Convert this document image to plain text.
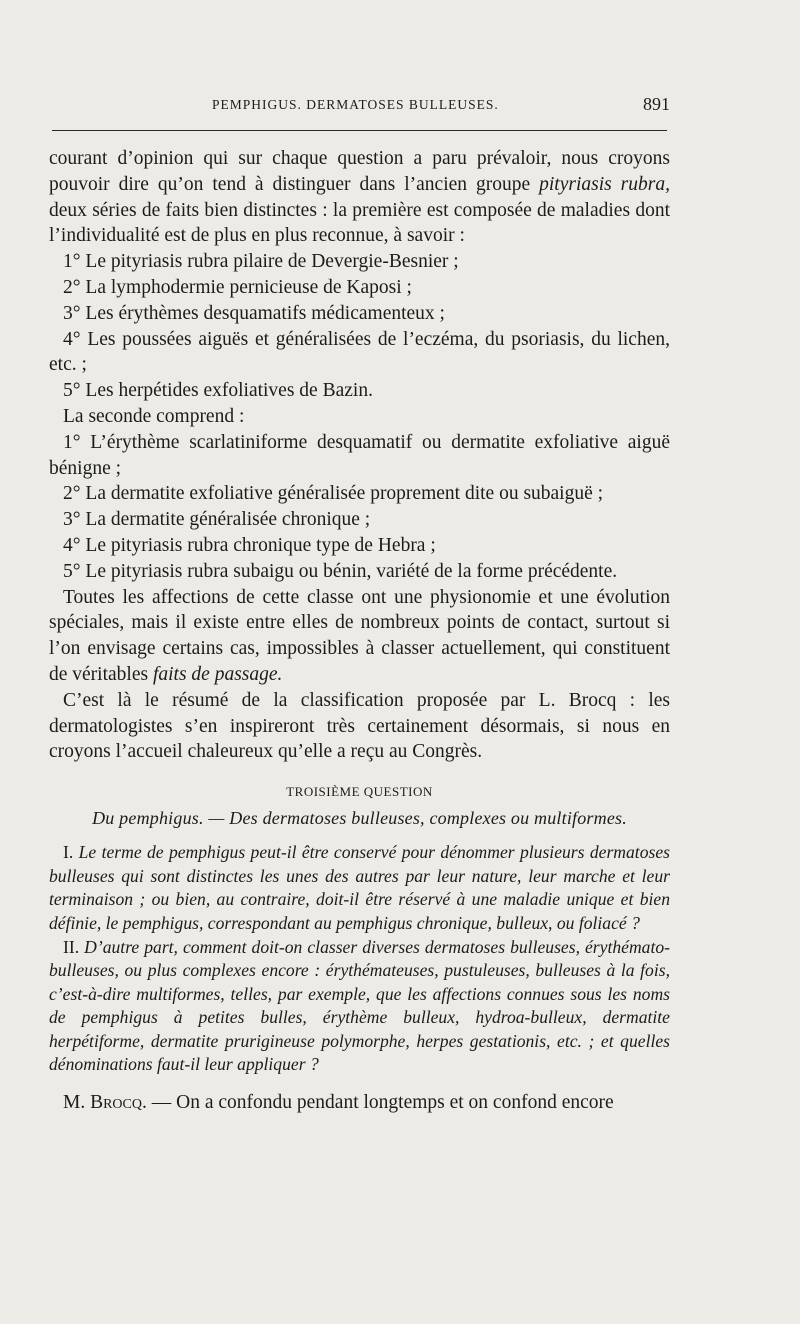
PEMPHIGUS. DERMATOSES BULLEUSES.	891

courant d’opinion qui sur chaque question a paru prévaloir, nous croyons pouvoir dire qu’on tend à distinguer dans l’ancien groupe pityriasis rubra, deux séries de faits bien distinctes : la première est composée de maladies dont l’individualité est de plus en plus reconnue, à savoir :

1° Le pityriasis rubra pilaire de Devergie-Besnier ;

2° La lymphodermie pernicieuse de Kaposi ;

3° Les érythèmes desquamatifs médicamenteux ;

4° Les poussées aiguës et généralisées de l’eczéma, du psoriasis, du lichen, etc. ;

5° Les herpétides exfoliatives de Bazin.

La seconde comprend :

1° L’érythème scarlatiniforme desquamatif ou dermatite exfoliative aiguë bénigne ;

2° La dermatite exfoliative généralisée proprement dite ou subaiguë ;

3° La dermatite généralisée chronique ;

4° Le pityriasis rubra chronique type de Hebra ;

5° Le pityriasis rubra subaigu ou bénin, variété de la forme précédente.

Toutes les affections de cette classe ont une physionomie et une évolution spéciales, mais il existe entre elles de nombreux points de contact, surtout si l’on envisage certains cas, impossibles à classer actuellement, qui constituent de véritables faits de passage.

C’est là le résumé de la classification proposée par L. Brocq : les dermatologistes s’en inspireront très certainement désormais, si nous en croyons l’accueil chaleureux qu’elle a reçu au Congrès.

TROISIÈME QUESTION
Du pemphigus. — Des dermatoses bulleuses, complexes ou multiformes.

I. Le terme de pemphigus peut-il être conservé pour dénommer plusieurs dermatoses bulleuses qui sont distinctes les unes des autres par leur nature, leur marche et leur terminaison ; ou bien, au contraire, doit-il être réservé à une maladie unique et bien définie, le pemphigus, correspondant au pemphigus chronique, bulleux, ou foliacé ?

II. D’autre part, comment doit-on classer diverses dermatoses bulleuses, érythémato-bulleuses, ou plus complexes encore : érythémateuses, pustuleuses, bulleuses à la fois, c’est-à-dire multiformes, telles, par exemple, que les affections connues sous les noms de pemphigus à petites bulles, érythème bulleux, hydroa-bulleux, dermatite herpétiforme, dermatite prurigineuse polymorphe, herpes gestationis, etc. ; et quelles dénominations faut-il leur appliquer ?

M. Brocq. — On a confondu pendant longtemps et on confond encore
